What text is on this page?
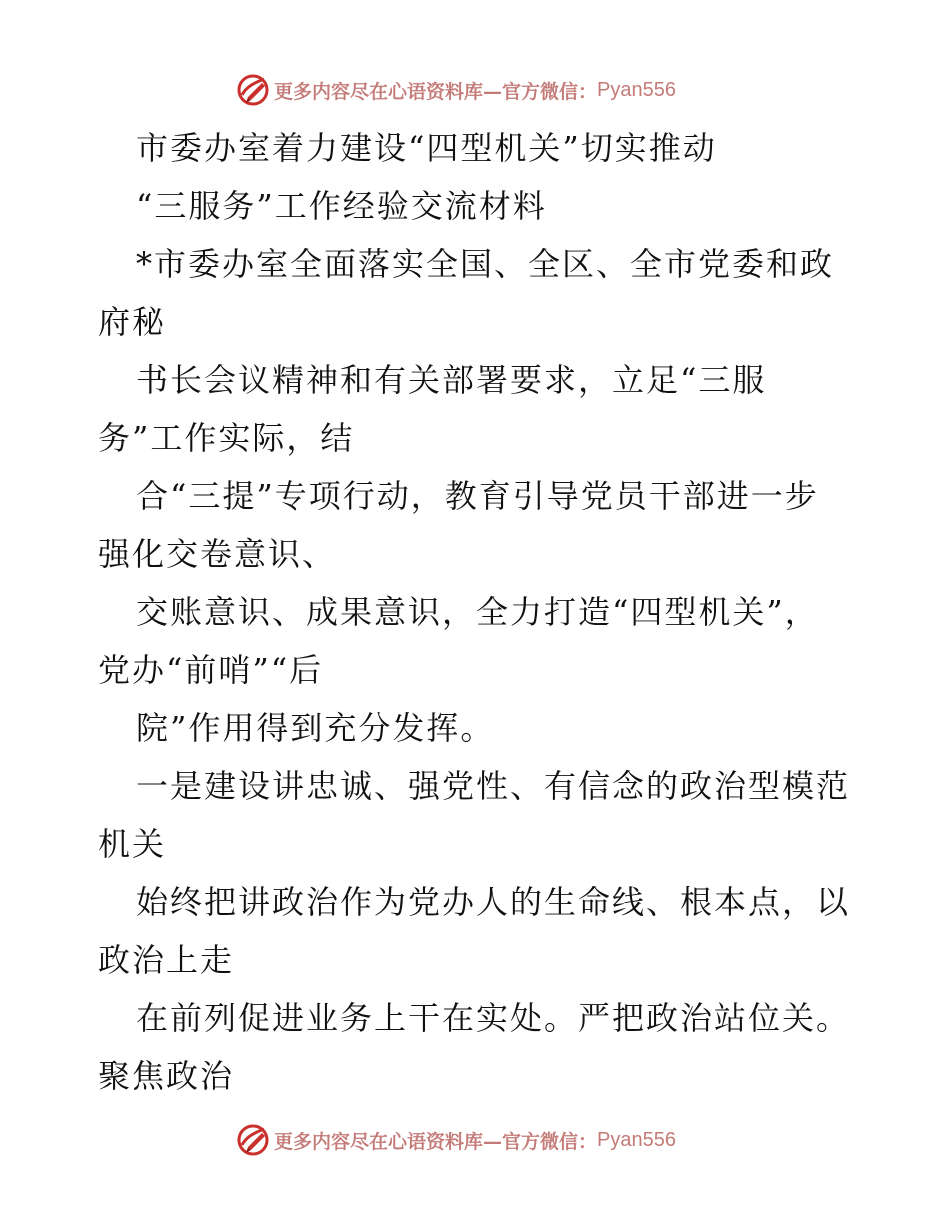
更多内容尽在心语资料库—官方微信： Pyan556
市委办室着力建设“四型机关”切实推动
“三服务”工作经验交流材料
*市委办室全面落实全国、全区、全市党委和政
府秘
书长会议精神和有关部署要求，立足“三服
务”工作实际，结
合“三提”专项行动，教育引导党员干部进一步
强化交卷意识、
交账意识、成果意识，全力打造“四型机关”，
党办“前哨”“后
院”作用得到充分发挥。
一是建设讲忠诚、强党性、有信念的政治型模范
机关
始终把讲政治作为党办人的生命线、根本点，以
政治上走
在前列促进业务上干在实处。严把政治站位关。
聚焦政治
更多内容尽在心语资料库—官方微信： Pyan556
